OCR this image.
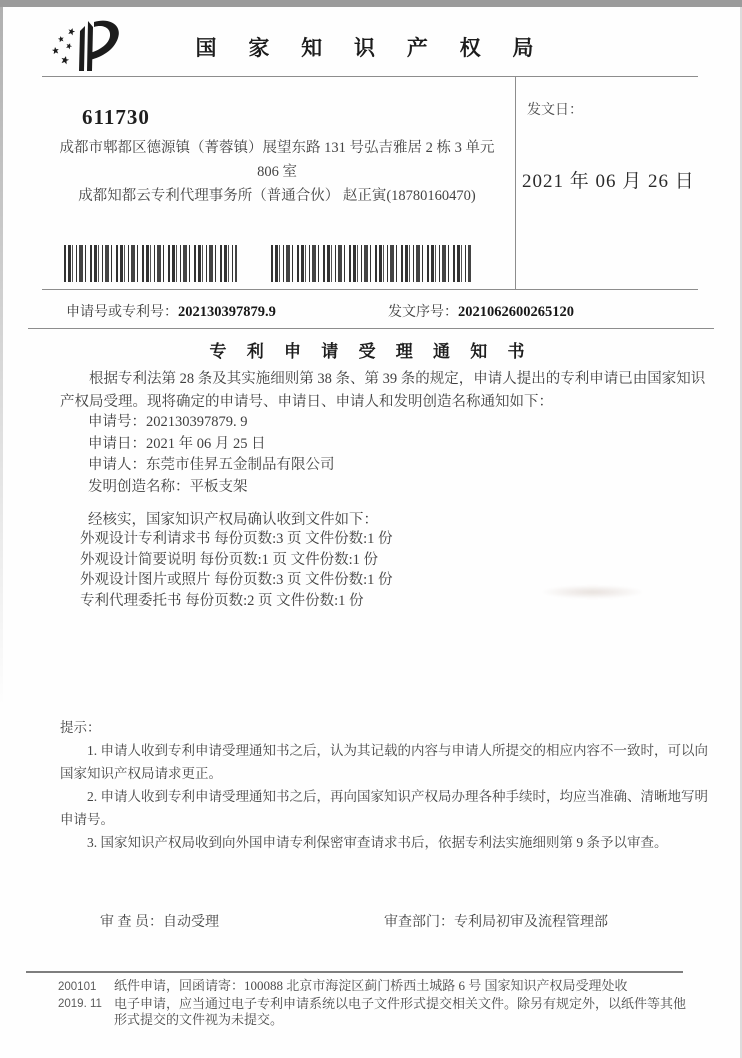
国 家 知 识 产 权 局
611730
成都市郫都区德源镇（菁蓉镇）展望东路 131 号弘吉雅居 2 栋 3 单元
806 室
成都知都云专利代理事务所（普通合伙） 赵正寅(18780160470)
发文日：
2021 年 06 月 26 日
申请号或专利号：202130397879.9	发文序号：2021062600265120
专 利 申 请 受 理 通 知 书
根据专利法第 28 条及其实施细则第 38 条、第 39 条的规定，申请人提出的专利申请已由国家知识产权局受理。现将确定的申请号、申请日、申请人和发明创造名称通知如下：
申请号：202130397879. 9
申请日：2021 年 06 月 25 日
申请人：东莞市佳昇五金制品有限公司
发明创造名称：平板支架
经核实，国家知识产权局确认收到文件如下：
外观设计专利请求书 每份页数:3 页 文件份数:1 份
外观设计简要说明 每份页数:1 页 文件份数:1 份
外观设计图片或照片 每份页数:3 页 文件份数:1 份
专利代理委托书 每份页数:2 页 文件份数:1 份
提示：
1. 申请人收到专利申请受理通知书之后，认为其记载的内容与申请人所提交的相应内容不一致时，可以向国家知识产权局请求更正。
2. 申请人收到专利申请受理通知书之后，再向国家知识产权局办理各种手续时，均应当准确、清晰地写明申请号。
3. 国家知识产权局收到向外国申请专利保密审查请求书后，依据专利法实施细则第 9 条予以审查。
审 查 员：自动受理	审查部门：专利局初审及流程管理部
200101
2019. 11
纸件申请，回函请寄：100088 北京市海淀区蓟门桥西土城路 6 号 国家知识产权局受理处收
电子申请，应当通过电子专利申请系统以电子文件形式提交相关文件。除另有规定外，以纸件等其他形式提交的文件视为未提交。
